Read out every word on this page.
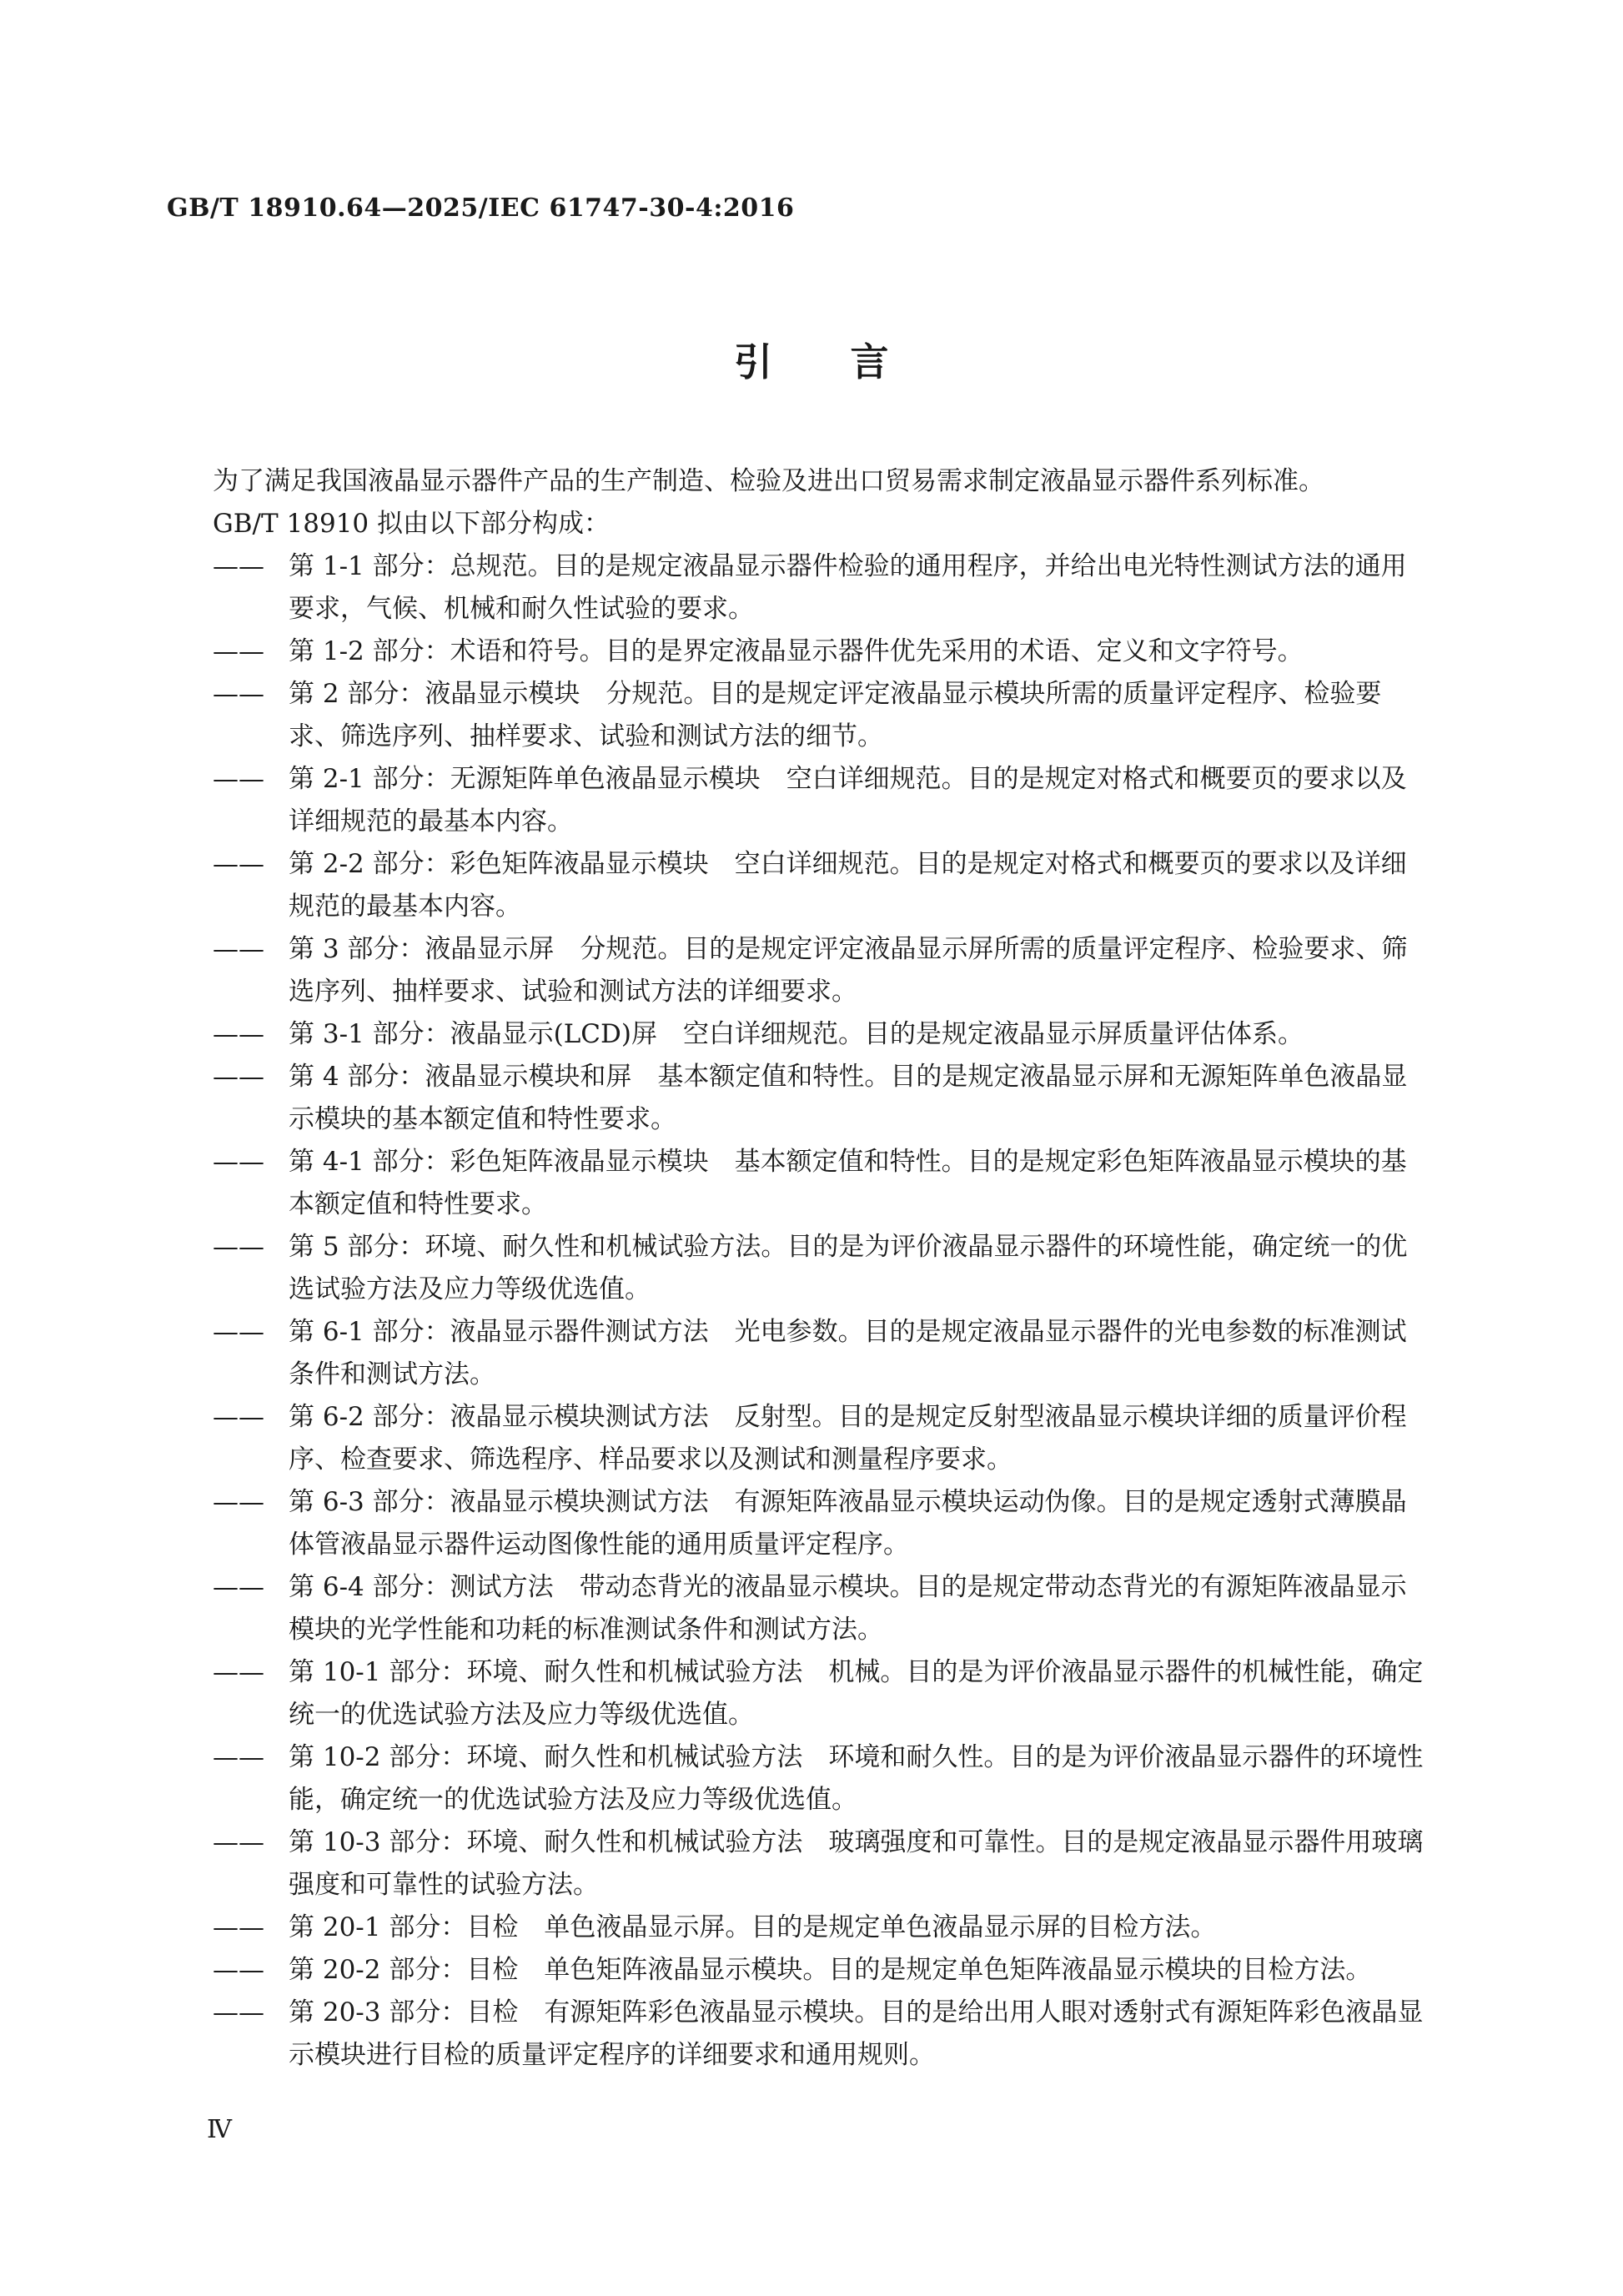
GB/T 18910.64—2025/IEC 61747-30-4:2016
引　　言

为了满足我国液晶显示器件产品的生产制造、检验及进出口贸易需求制定液晶显示器件系列标准。

GB/T 18910 拟由以下部分构成：

—— 第 1-1 部分：总规范。目的是规定液晶显示器件检验的通用程序，并给出电光特性测试方法的通用要求，气候、机械和耐久性试验的要求。
—— 第 1-2 部分：术语和符号。目的是界定液晶显示器件优先采用的术语、定义和文字符号。
—— 第 2 部分：液晶显示模块　分规范。目的是规定评定液晶显示模块所需的质量评定程序、检验要求、筛选序列、抽样要求、试验和测试方法的细节。
—— 第 2-1 部分：无源矩阵单色液晶显示模块　空白详细规范。目的是规定对格式和概要页的要求以及详细规范的最基本内容。
—— 第 2-2 部分：彩色矩阵液晶显示模块　空白详细规范。目的是规定对格式和概要页的要求以及详细规范的最基本内容。
—— 第 3 部分：液晶显示屏　分规范。目的是规定评定液晶显示屏所需的质量评定程序、检验要求、筛选序列、抽样要求、试验和测试方法的详细要求。
—— 第 3-1 部分：液晶显示(LCD)屏　空白详细规范。目的是规定液晶显示屏质量评估体系。
—— 第 4 部分：液晶显示模块和屏　基本额定值和特性。目的是规定液晶显示屏和无源矩阵单色液晶显示模块的基本额定值和特性要求。
—— 第 4-1 部分：彩色矩阵液晶显示模块　基本额定值和特性。目的是规定彩色矩阵液晶显示模块的基本额定值和特性要求。
—— 第 5 部分：环境、耐久性和机械试验方法。目的是为评价液晶显示器件的环境性能，确定统一的优选试验方法及应力等级优选值。
—— 第 6-1 部分：液晶显示器件测试方法　光电参数。目的是规定液晶显示器件的光电参数的标准测试条件和测试方法。
—— 第 6-2 部分：液晶显示模块测试方法　反射型。目的是规定反射型液晶显示模块详细的质量评价程序、检查要求、筛选程序、样品要求以及测试和测量程序要求。
—— 第 6-3 部分：液晶显示模块测试方法　有源矩阵液晶显示模块运动伪像。目的是规定透射式薄膜晶体管液晶显示器件运动图像性能的通用质量评定程序。
—— 第 6-4 部分：测试方法　带动态背光的液晶显示模块。目的是规定带动态背光的有源矩阵液晶显示模块的光学性能和功耗的标准测试条件和测试方法。
—— 第 10-1 部分：环境、耐久性和机械试验方法　机械。目的是为评价液晶显示器件的机械性能，确定统一的优选试验方法及应力等级优选值。
—— 第 10-2 部分：环境、耐久性和机械试验方法　环境和耐久性。目的是为评价液晶显示器件的环境性能，确定统一的优选试验方法及应力等级优选值。
—— 第 10-3 部分：环境、耐久性和机械试验方法　玻璃强度和可靠性。目的是规定液晶显示器件用玻璃强度和可靠性的试验方法。
—— 第 20-1 部分：目检　单色液晶显示屏。目的是规定单色液晶显示屏的目检方法。
—— 第 20-2 部分：目检　单色矩阵液晶显示模块。目的是规定单色矩阵液晶显示模块的目检方法。
—— 第 20-3 部分：目检　有源矩阵彩色液晶显示模块。目的是给出用人眼对透射式有源矩阵彩色液晶显示模块进行目检的质量评定程序的详细要求和通用规则。
Ⅳ
